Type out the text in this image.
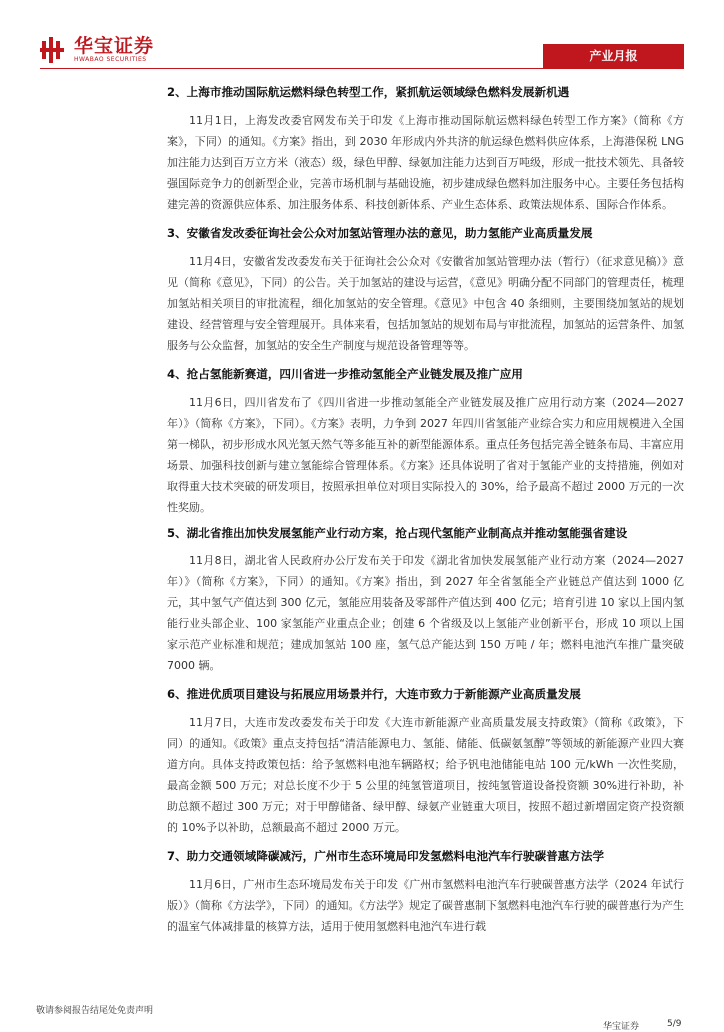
华宝证券
HWABAO SECURITIES	产业月报
2、上海市推动国际航运燃料绿色转型工作，紧抓航运领域绿色燃料发展新机遇
11月1日，上海发改委官网发布关于印发《上海市推动国际航运燃料绿色转型工作方案》（简称《方案》，下同）的通知。《方案》指出，到 2030 年形成内外共济的航运绿色燃料供应体系，上海港保税 LNG 加注能力达到百万立方米（液态）级，绿色甲醇、绿氨加注能力达到百万吨级，形成一批技术领先、具备较强国际竞争力的创新型企业，完善市场机制与基础设施，初步建成绿色燃料加注服务中心。主要任务包括构建完善的资源供应体系、加注服务体系、科技创新体系、产业生态体系、政策法规体系、国际合作体系。
3、安徽省发改委征询社会公众对加氢站管理办法的意见，助力氢能产业高质量发展
11月4日，安徽省发改委发布关于征询社会公众对《安徽省加氢站管理办法（暂行）（征求意见稿）》意见（简称《意见》，下同）的公告。关于加氢站的建设与运营，《意见》明确分配不同部门的管理责任，梳理加氢站相关项目的审批流程，细化加氢站的安全管理。《意见》中包含 40 条细则，主要围绕加氢站的规划建设、经营管理与安全管理展开。具体来看，包括加氢站的规划布局与审批流程，加氢站的运营条件、加氢服务与公众监督，加氢站的安全生产制度与规范设备管理等等。
4、抢占氢能新赛道，四川省进一步推动氢能全产业链发展及推广应用
11月6日，四川省发布了《四川省进一步推动氢能全产业链发展及推广应用行动方案（2024—2027 年）》（简称《方案》，下同）。《方案》表明，力争到 2027 年四川省氢能产业综合实力和应用规模进入全国第一梯队，初步形成水风光氢天然气等多能互补的新型能源体系。重点任务包括完善全链条布局、丰富应用场景、加强科技创新与建立氢能综合管理体系。《方案》还具体说明了省对于氢能产业的支持措施，例如对取得重大技术突破的研发项目，按照承担单位对项目实际投入的 30%，给予最高不超过 2000 万元的一次性奖励。
5、湖北省推出加快发展氢能产业行动方案，抢占现代氢能产业制高点并推动氢能强省建设
11月8日，湖北省人民政府办公厅发布关于印发《湖北省加快发展氢能产业行动方案（2024—2027 年）》（简称《方案》，下同）的通知。《方案》指出，到 2027 年全省氢能全产业链总产值达到 1000 亿元，其中氢气产值达到 300 亿元，氢能应用装备及零部件产值达到 400 亿元；培育引进 10 家以上国内氢能行业头部企业、100 家氢能产业重点企业；创建 6 个省级及以上氢能产业创新平台，形成 10 项以上国家示范产业标准和规范；建成加氢站 100 座，氢气总产能达到 150 万吨 / 年；燃料电池汽车推广量突破 7000 辆。
6、推进优质项目建设与拓展应用场景并行，大连市致力于新能源产业高质量发展
11月7日，大连市发改委发布关于印发《大连市新能源产业高质量发展支持政策》（简称《政策》，下同）的通知。《政策》重点支持包括“清洁能源电力、氢能、储能、低碳氨氢醇”等领域的新能源产业四大赛道方向。具体支持政策包括：给予氢燃料电池车辆路权；给予钒电池储能电站 100 元/kWh 一次性奖励，最高金额 500 万元；对总长度不少于 5 公里的纯氢管道项目，按纯氢管道设备投资额 30%进行补助，补助总额不超过 300 万元；对于甲醇储备、绿甲醇、绿氨产业链重大项目，按照不超过新增固定资产投资额的 10%予以补助，总额最高不超过 2000 万元。
7、助力交通领域降碳减污，广州市生态环境局印发氢燃料电池汽车行驶碳普惠方法学
11月6日，广州市生态环境局发布关于印发《广州市氢燃料电池汽车行驶碳普惠方法学（2024 年试行版）》（简称《方法学》，下同）的通知。《方法学》规定了碳普惠制下氢燃料电池汽车行驶的碳普惠行为产生的温室气体减排量的核算方法，适用于使用氢燃料电池汽车进行载
敬请参阅报告结尾处免责声明
华宝证券	5/9
